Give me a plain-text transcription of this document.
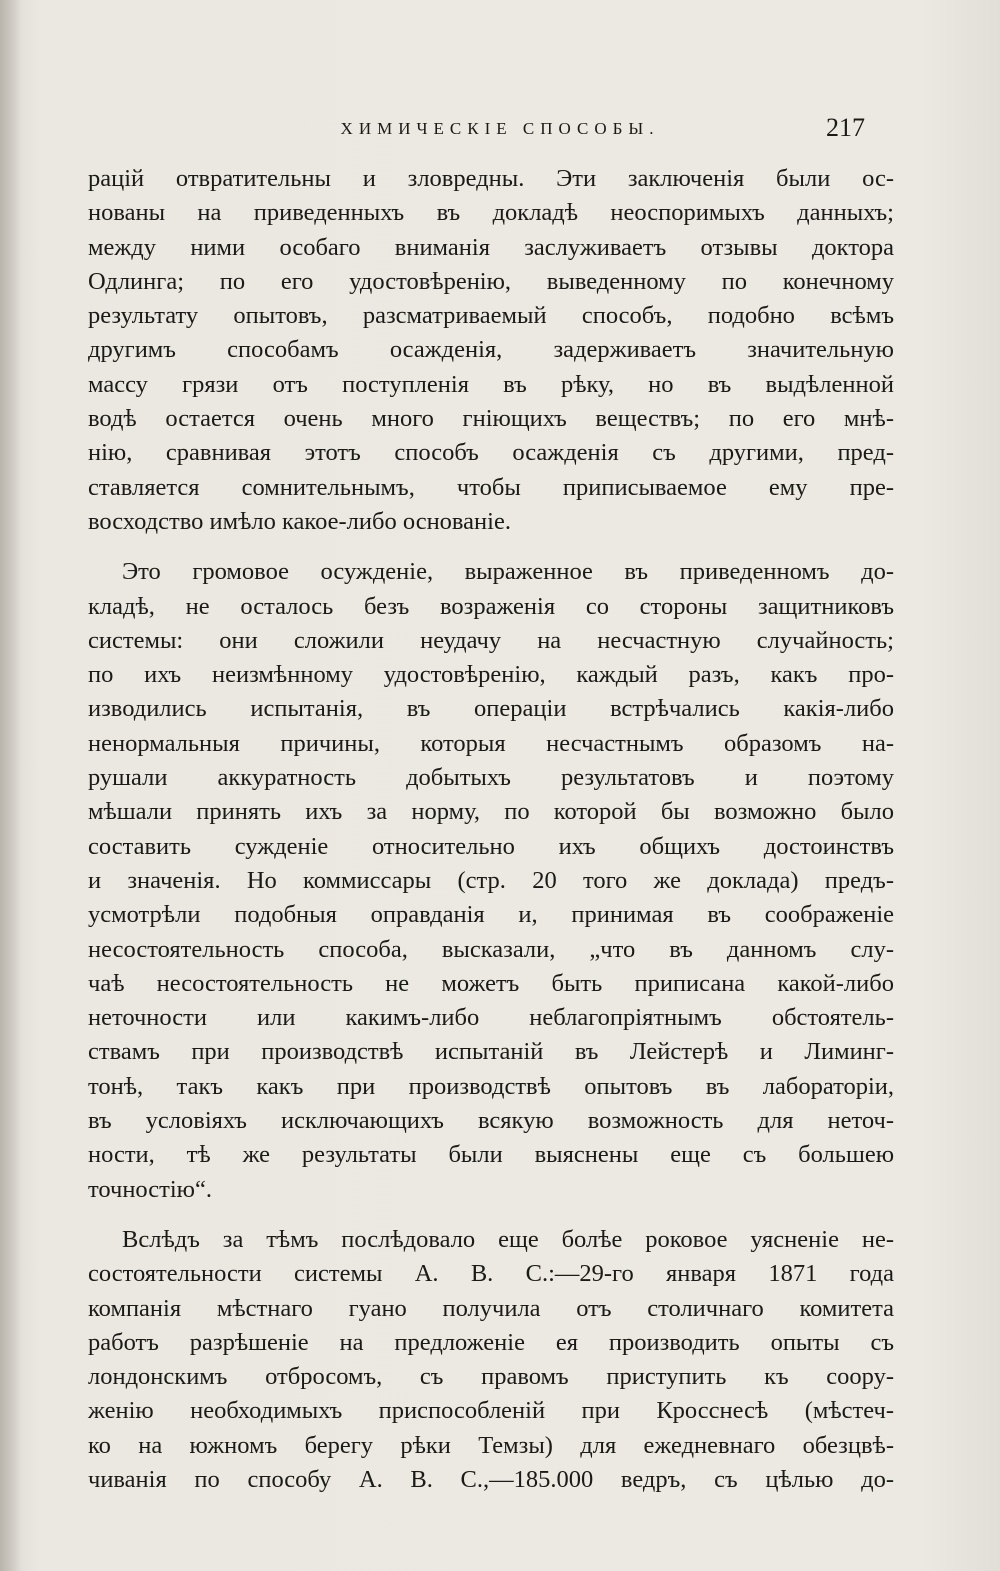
ХИМИЧЕСКІЕ СПОСОБЫ.	217
рацій отвратительны и зловредны. Эти заключенія были ос-
нованы на приведенныхъ въ докладѣ неоспоримыхъ данныхъ;
между ними особаго вниманія заслуживаетъ отзывы доктора
Одлинга; по его удостовѣренію, выведенному по конечному
результату опытовъ, разсматриваемый способъ, подобно всѣмъ
другимъ способамъ осажденія, задерживаетъ значительную
массу грязи отъ поступленія въ рѣку, но въ выдѣленной
водѣ остается очень много гніющихъ веществъ; по его мнѣ-
нію, сравнивая этотъ способъ осажденія съ другими, пред-
ставляется сомнительнымъ, чтобы приписываемое ему пре-
восходство имѣло какое-либо основаніе.
Это громовое осужденіе, выраженное въ приведенномъ до-
кладѣ, не осталось безъ возраженія со стороны защитниковъ
системы: они сложили неудачу на несчастную случайность;
по ихъ неизмѣнному удостовѣренію, каждый разъ, какъ про-
изводились испытанія, въ операціи встрѣчались какія-либо
ненормальныя причины, которыя несчастнымъ образомъ на-
рушали аккуратность добытыхъ результатовъ и поэтому
мѣшали принять ихъ за норму, по которой бы возможно было
составить сужденіе относительно ихъ общихъ достоинствъ
и значенія. Но коммиссары (стр. 20 того же доклада) предъ-
усмотрѣли подобныя оправданія и, принимая въ соображеніе
несостоятельность способа, высказали, „что въ данномъ слу-
чаѣ несостоятельность не можетъ быть приписана какой-либо
неточности или какимъ-либо неблагопріятнымъ обстоятель-
ствамъ при производствѣ испытаній въ Лейстерѣ и Лиминг-
тонѣ, такъ какъ при производствѣ опытовъ въ лабораторіи,
въ условіяхъ исключающихъ всякую возможность для неточ-
ности, тѣ же результаты были выяснены еще съ большею
точностію“.
Вслѣдъ за тѣмъ послѣдовало еще болѣе роковое уясненіе не-
состоятельности системы А. В. С.:—29-го января 1871 года
компанія мѣстнаго гуано получила отъ столичнаго комитета
работъ разрѣшеніе на предложеніе ея производить опыты съ
лондонскимъ отбросомъ, съ правомъ приступить къ соору-
женію необходимыхъ приспособленій при Кросснесѣ (мѣстеч-
ко на южномъ берегу рѣки Темзы) для ежедневнаго обезцвѣ-
чиванія по способу А. В. С.,—185.000 ведръ, съ цѣлью до-
